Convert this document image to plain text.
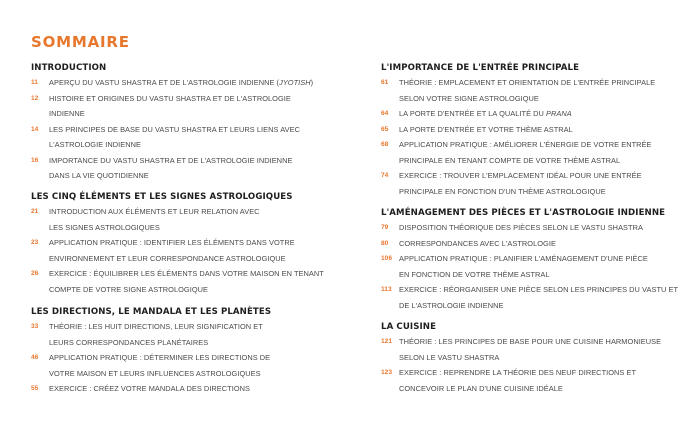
SOMMAIRE
INTRODUCTION
11 APERÇU DU VASTU SHASTRA ET DE L'ASTROLOGIE INDIENNE (JYOTISH)
12 HISTOIRE ET ORIGINES DU VASTU SHASTRA ET DE L'ASTROLOGIE
INDIENNE
14 LES PRINCIPES DE BASE DU VASTU SHASTRA ET LEURS LIENS AVEC
L'ASTROLOGIE INDIENNE
16 IMPORTANCE DU VASTU SHASTRA ET DE L'ASTROLOGIE INDIENNE
DANS LA VIE QUOTIDIENNE
LES CINQ ÉLÉMENTS ET LES SIGNES ASTROLOGIQUES
21 INTRODUCTION AUX ÉLÉMENTS ET LEUR RELATION AVEC
LES SIGNES ASTROLOGIQUES
23 APPLICATION PRATIQUE : IDENTIFIER LES ÉLÉMENTS DANS VOTRE
ENVIRONNEMENT ET LEUR CORRESPONDANCE ASTROLOGIQUE
26 EXERCICE : ÉQUILIBRER LES ÉLÉMENTS DANS VOTRE MAISON EN TENANT
COMPTE DE VOTRE SIGNE ASTROLOGIQUE
LES DIRECTIONS, LE MANDALA ET LES PLANÈTES
33 THÉORIE : LES HUIT DIRECTIONS, LEUR SIGNIFICATION ET
LEURS CORRESPONDANCES PLANÉTAIRES
46 APPLICATION PRATIQUE : DÉTERMINER LES DIRECTIONS DE
VOTRE MAISON ET LEURS INFLUENCES ASTROLOGIQUES
55 EXERCICE : CRÉEZ VOTRE MANDALA DES DIRECTIONS
L'IMPORTANCE DE L'ENTRÉE PRINCIPALE
61 THÉORIE : EMPLACEMENT ET ORIENTATION DE L'ENTRÉE PRINCIPALE
SELON VOTRE SIGNE ASTROLOGIQUE
64 LA PORTE D'ENTRÉE ET LA QUALITÉ DU PRANA
65 LA PORTE D'ENTRÉE ET VOTRE THÈME ASTRAL
68 APPLICATION PRATIQUE : AMÉLIORER L'ÉNERGIE DE VOTRE ENTRÉE
PRINCIPALE EN TENANT COMPTE DE VOTRE THÈME ASTRAL
74 EXERCICE : TROUVER L'EMPLACEMENT IDÉAL POUR UNE ENTRÉE
PRINCIPALE EN FONCTION D'UN THÈME ASTROLOGIQUE
L'AMÉNAGEMENT DES PIÈCES ET L'ASTROLOGIE INDIENNE
79 DISPOSITION THÉORIQUE DES PIÈCES SELON LE VASTU SHASTRA
80 CORRESPONDANCES AVEC L'ASTROLOGIE
106 APPLICATION PRATIQUE : PLANIFIER L'AMÉNAGEMENT D'UNE PIÈCE
EN FONCTION DE VOTRE THÈME ASTRAL
113 EXERCICE : RÉORGANISER UNE PIÈCE SELON LES PRINCIPES DU VASTU ET
DE L'ASTROLOGIE INDIENNE
LA CUISINE
121 THÉORIE : LES PRINCIPES DE BASE POUR UNE CUISINE HARMONIEUSE
SELON LE VASTU SHASTRA
123 EXERCICE : REPRENDRE LA THÉORIE DES NEUF DIRECTIONS ET
CONCEVOIR LE PLAN D'UNE CUISINE IDÉALE
